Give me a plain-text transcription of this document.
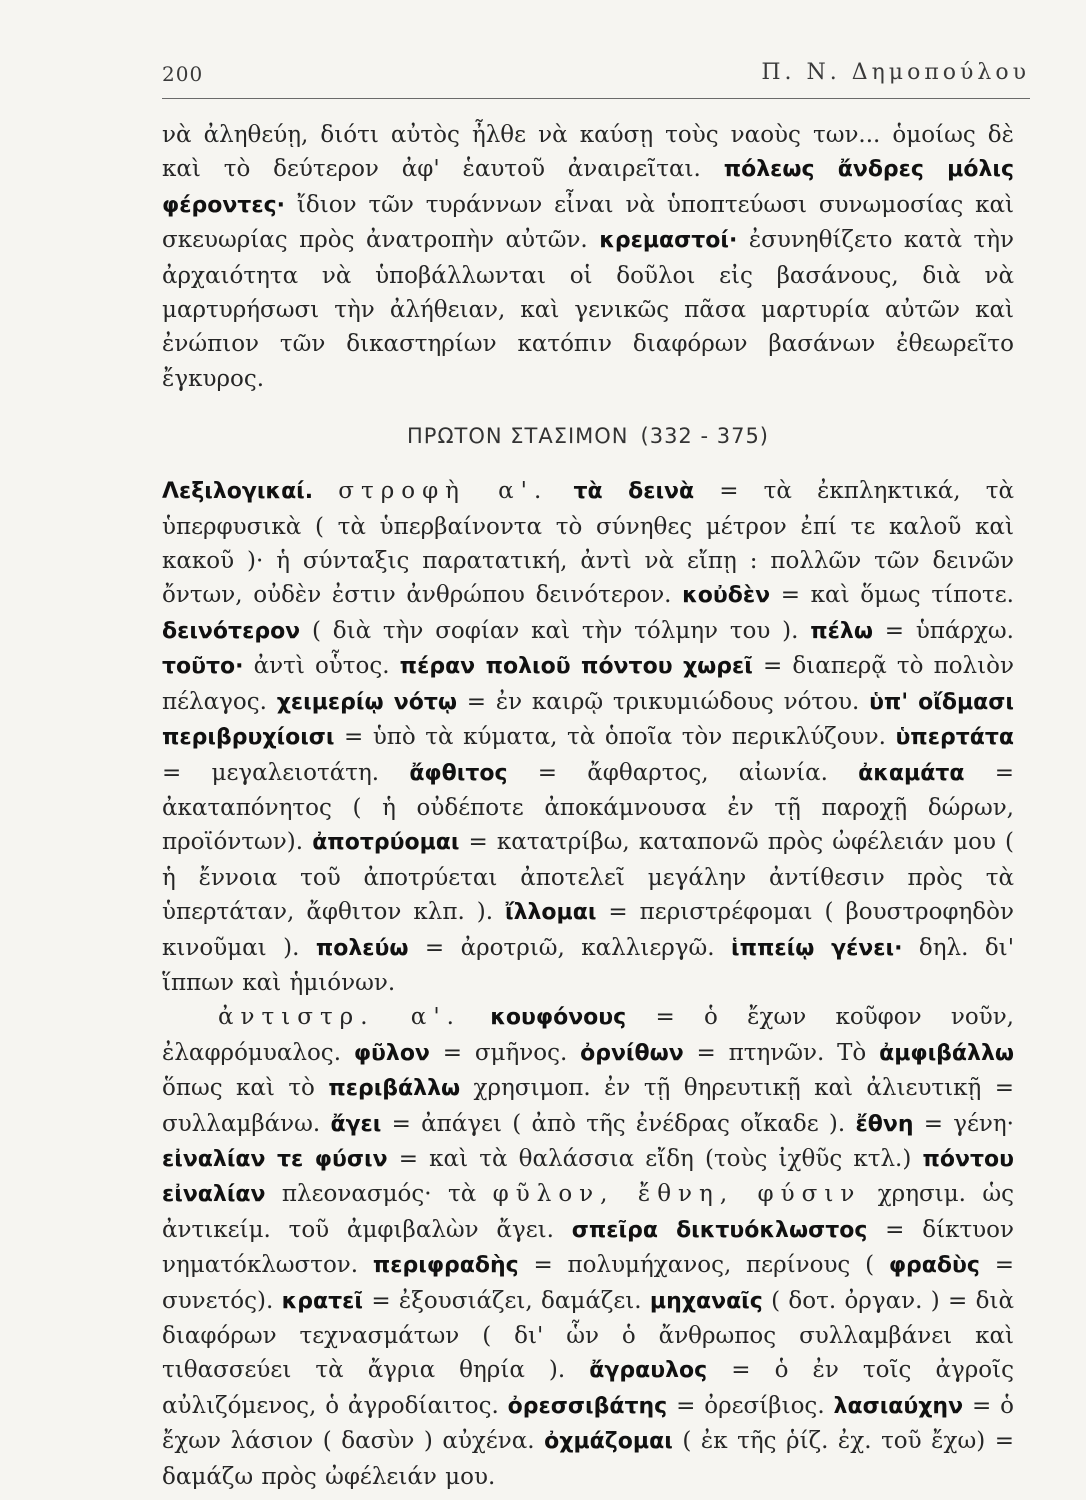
200	Π. Ν. Δημοπούλου

νὰ ἀληθεύῃ, διότι αὐτὸς ἦλθε νὰ καύσῃ τοὺς ναοὺς των... ὁμοίως δὲ καὶ τὸ δεύτερον ἀφ' ἑαυτοῦ ἀναιρεῖται. πόλεως ἄνδρες μόλις φέροντες· ἴδιον τῶν τυράννων εἶναι νὰ ὑποπτεύωσι συνωμοσίας καὶ σκευωρίας πρὸς ἀνατροπὴν αὐτῶν. κρεμαστοί· ἐσυνηθίζετο κατὰ τὴν ἀρχαιότητα νὰ ὑποβάλλωνται οἱ δοῦλοι εἰς βασάνους, διὰ νὰ μαρτυρήσωσι τὴν ἀλήθειαν, καὶ γενικῶς πᾶσα μαρτυρία αὐτῶν καὶ ἐνώπιον τῶν δικαστηρίων κατόπιν διαφόρων βασάνων ἐθεωρεῖτο ἔγκυρος.

ΠΡΩΤΟΝ ΣΤΑΣΙΜΟΝ (332 - 375)

Λεξιλογικαί. στροφὴ α'. τὰ δεινὰ = τὰ ἐκπληκτικά, τὰ ὑπερφυσικὰ ( τὰ ὑπερβαίνοντα τὸ σύνηθες μέτρον ἐπί τε καλοῦ καὶ κακοῦ )· ἡ σύνταξις παρατατική, ἀντὶ νὰ εἴπῃ : πολλῶν τῶν δεινῶν ὄντων, οὐδὲν ἐστιν ἀνθρώπου δεινότερον. κοὐδὲν = καὶ ὅμως τίποτε. δεινότερον ( διὰ τὴν σοφίαν καὶ τὴν τόλμην του ). πέλω = ὑπάρχω. τοῦτο· ἀντὶ οὗτος. πέραν πολιοῦ πόντου χωρεῖ = διαπερᾷ τὸ πολιὸν πέλαγος. χειμερίῳ νότῳ = ἐν καιρῷ τρικυμιώδους νότου. ὑπ' οἴδμασι περιβρυχίοισι = ὑπὸ τὰ κύματα, τὰ ὁποῖα τὸν περικλύζουν. ὑπερτάτα = μεγαλειοτάτη. ἄφθιτος = ἄφθαρτος, αἰωνία. ἀκαμάτα = ἀκαταπόνητος ( ἡ οὐδέποτε ἀποκάμνουσα ἐν τῇ παροχῇ δώρων, προϊόντων). ἀποτρύομαι = κατατρίβω, καταπονῶ πρὸς ὠφέλειάν μου ( ἡ ἔννοια τοῦ ἀποτρύεται ἀποτελεῖ μεγάλην ἀντίθεσιν πρὸς τὰ ὑπερτάταν, ἄφθιτον κλπ. ). ἴλλομαι = περιστρέφομαι ( βουστροφηδὸν κινοῦμαι ). πολεύω = ἀροτριῶ, καλλιεργῶ. ἱππείῳ γένει· δηλ. δι' ἵππων καὶ ἡμιόνων.

ἀντιστρ. α'. κουφόνους = ὁ ἔχων κοῦφον νοῦν, ἐλαφρόμυαλος. φῦλον = σμῆνος. ὀρνίθων = πτηνῶν. Τὸ ἀμφιβάλλω ὅπως καὶ τὸ περιβάλλω χρησιμοπ. ἐν τῇ θηρευτικῇ καὶ ἀλιευτικῇ = συλλαμβάνω. ἄγει = ἀπάγει ( ἀπὸ τῆς ἐνέδρας οἴκαδε ). ἔθνη = γένη· εἰναλίαν τε φύσιν = καὶ τὰ θαλάσσια εἴδη (τοὺς ἰχθῦς κτλ.) πόντου εἰναλίαν πλεονασμός· τὰ φῦλον, ἔθνη, φύσιν χρησιμ. ὡς ἀντικείμ. τοῦ ἀμφιβαλὼν ἄγει. σπεῖρα δικτυόκλωστος = δίκτυον νηματόκλωστον. περιφραδὴς = πολυμήχανος, περίνους ( φραδὺς = συνετός). κρατεῖ = ἐξουσιάζει, δαμάζει. μηχαναῖς ( δοτ. ὀργαν. ) = διὰ διαφόρων τεχνασμάτων ( δι' ὧν ὁ ἄνθρωπος συλλαμβάνει καὶ τιθασσεύει τὰ ἄγρια θηρία ). ἄγραυλος = ὁ ἐν τοῖς ἀγροῖς αὐλιζόμενος, ὁ ἀγροδίαιτος. ὀρεσσιβάτης = ὀρεσίβιος. λασιαύχην = ὁ ἔχων λάσιον ( δασὺν ) αὐχένα. ὀχμάζομαι ( ἐκ τῆς ῥίζ. ἐχ. τοῦ ἔχω) = δαμάζω πρὸς ὠφέλειάν μου.
